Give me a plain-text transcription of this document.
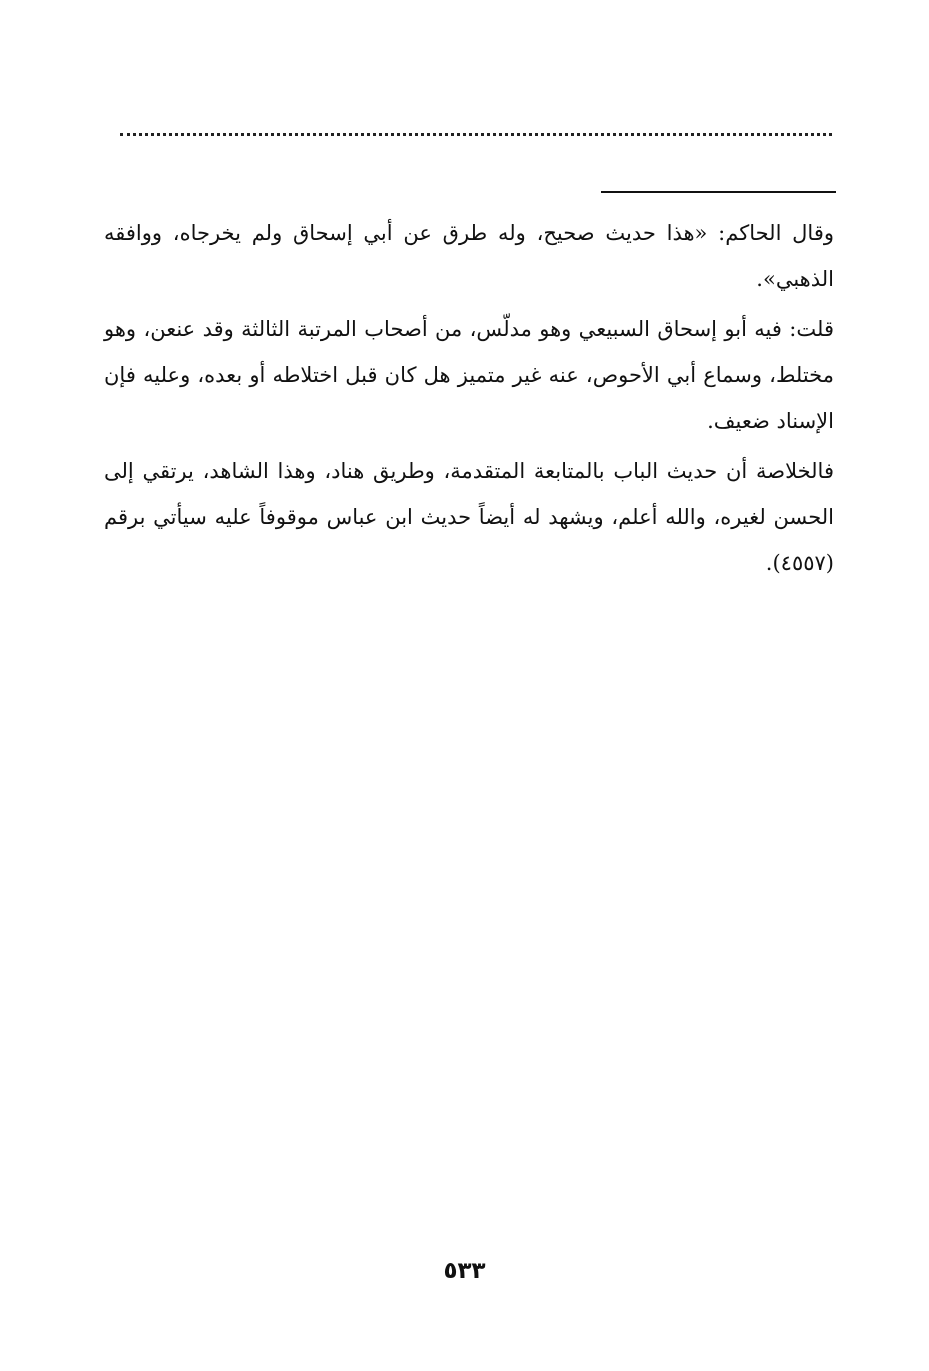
وقال الحاكم: «هذا حديث صحيح، وله طرق عن أبي إسحاق ولم يخرجاه، ووافقه الذهبي».

قلت: فيه أبو إسحاق السبيعي وهو مدلّس، من أصحاب المرتبة الثالثة وقد عنعن، وهو مختلط، وسماع أبي الأحوص، عنه غير متميز هل كان قبل اختلاطه أو بعده، وعليه فإن الإسناد ضعيف.

فالخلاصة أن حديث الباب بالمتابعة المتقدمة، وطريق هناد، وهذا الشاهد، يرتقي إلى الحسن لغيره، والله أعلم، ويشهد له أيضاً حديث ابن عباس موقوفاً عليه سيأتي برقم (٤٥٥٧).

٥٣٣
